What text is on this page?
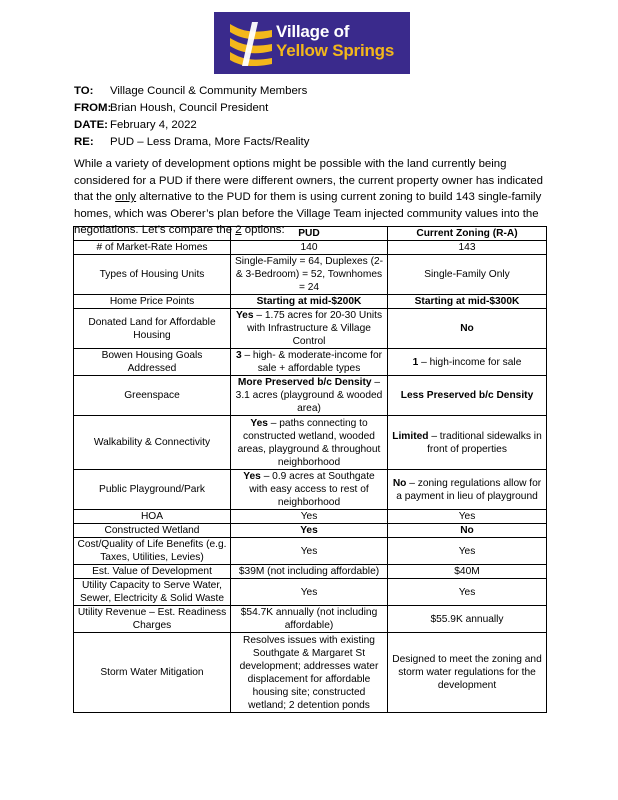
Village of
Yellow Springs
TO:	Village Council & Community Members
FROM:
Brian Housh, Council President
DATE: February 4, 2022
RE:	PUD – Less Drama, More Facts/Reality
While a variety of development options might be possible with the land currently being considered for a PUD if there were different owners, the current property owner has indicated that the only alternative to the PUD for them is using current zoning to build 143 single-family homes, which was Oberer’s plan before the Village Team injected community values into the negotiations. Let’s compare the 2 options:
		PUD	Current Zoning (R-A)
# of Market-Rate Homes	140	143
Types of Housing Units	Single-Family = 64, Duplexes (2- & 3-Bedroom) = 52, Townhomes = 24	Single-Family Only
Home Price Points	Starting at mid-$200K	Starting at mid-$300K
Donated Land for Affordable Housing	Yes – 1.75 acres for 20-30 Units with Infrastructure & Village Control	No
Bowen Housing Goals Addressed	3 – high- & moderate-income for sale + affordable types	1 – high-income for sale
Greenspace	More Preserved b/c Density – 3.1 acres (playground & wooded area)	Less Preserved b/c Density
Walkability & Connectivity	Yes – paths connecting to constructed wetland, wooded areas, playground & throughout neighborhood	Limited – traditional sidewalks in front of properties
Public Playground/Park	Yes – 0.9 acres at Southgate with easy access to rest of neighborhood	No – zoning regulations allow for a payment in lieu of playground
HOA	Yes	Yes
Constructed Wetland	Yes	No
Cost/Quality of Life Benefits (e.g. Taxes, Utilities, Levies)	Yes	Yes
Est. Value of Development	$39M (not including affordable)	$40M
Utility Capacity to Serve Water, Sewer, Electricity & Solid Waste	Yes	Yes
Utility Revenue – Est. Readiness Charges	$54.7K annually (not including affordable)	$55.9K annually
Storm Water Mitigation	Resolves issues with existing Southgate & Margaret St development; addresses water displacement for affordable housing site; constructed wetland; 2 detention ponds	Designed to meet the zoning and storm water regulations for the development
